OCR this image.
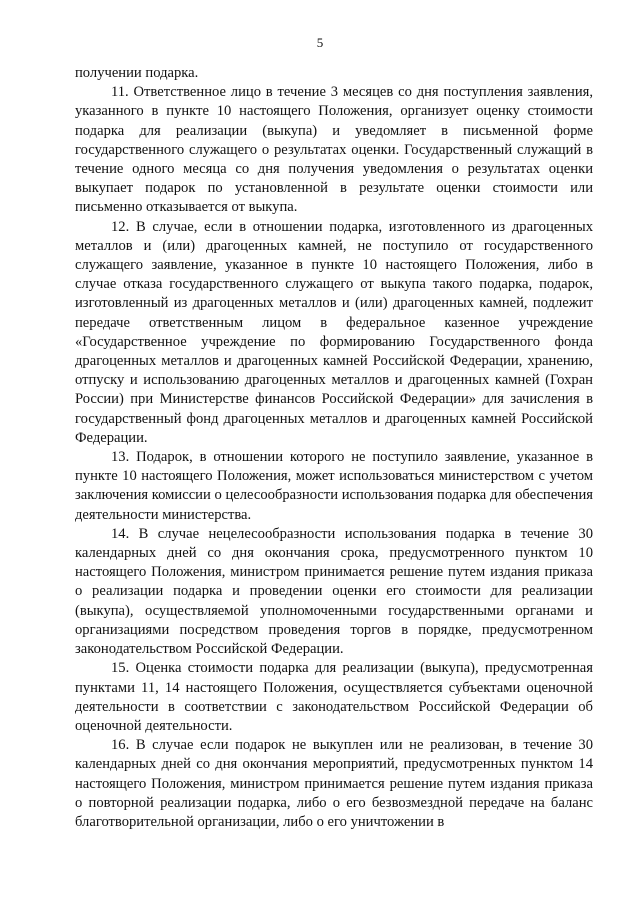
5

получении подарка.

11. Ответственное лицо в течение 3 месяцев со дня поступления заявления, указанного в пункте 10 настоящего Положения, организует оценку стоимости подарка для реализации (выкупа) и уведомляет в письменной форме государственного служащего о результатах оценки. Государственный служащий в течение одного месяца со дня получения уведомления о результатах оценки выкупает подарок по установленной в результате оценки стоимости или письменно отказывается от выкупа.

12. В случае, если в отношении подарка, изготовленного из драгоценных металлов и (или) драгоценных камней, не поступило от государственного служащего заявление, указанное в пункте 10 настоящего Положения, либо в случае отказа государственного служащего от выкупа такого подарка, подарок, изготовленный из драгоценных металлов и (или) драгоценных камней, подлежит передаче ответственным лицом в федеральное казенное учреждение «Государственное учреждение по формированию Государственного фонда драгоценных металлов и драгоценных камней Российской Федерации, хранению, отпуску и использованию драгоценных металлов и драгоценных камней (Гохран России) при Министерстве финансов Российской Федерации» для зачисления в государственный фонд драгоценных металлов и драгоценных камней Российской Федерации.

13. Подарок, в отношении которого не поступило заявление, указанное в пункте 10 настоящего Положения, может использоваться министерством с учетом заключения комиссии о целесообразности использования подарка для обеспечения деятельности министерства.

14. В случае нецелесообразности использования подарка в течение 30 календарных дней со дня окончания срока, предусмотренного пунктом 10 настоящего Положения, министром принимается решение путем издания приказа о реализации подарка и проведении оценки его стоимости для реализации (выкупа), осуществляемой уполномоченными государственными органами и организациями посредством проведения торгов в порядке, предусмотренном законодательством Российской Федерации.

15. Оценка стоимости подарка для реализации (выкупа), предусмотренная пунктами 11, 14 настоящего Положения, осуществляется субъектами оценочной деятельности в соответствии с законодательством Российской Федерации об оценочной деятельности.

16. В случае если подарок не выкуплен или не реализован, в течение 30 календарных дней со дня окончания мероприятий, предусмотренных пунктом 14 настоящего Положения, министром принимается решение путем издания приказа о повторной реализации подарка, либо о его безвозмездной передаче на баланс благотворительной организации, либо о его уничтожении в
